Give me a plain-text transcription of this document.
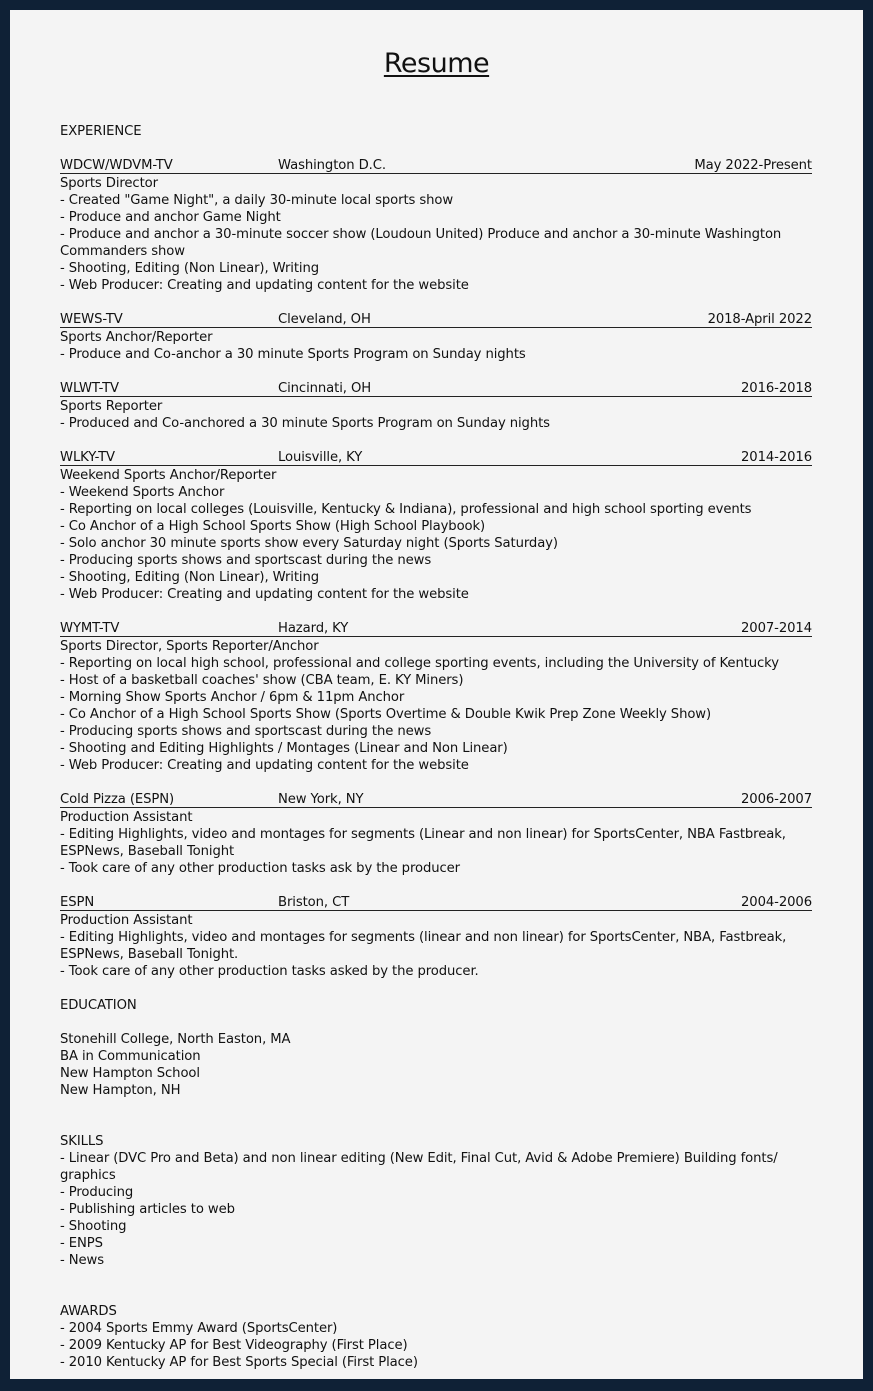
Resume
EXPERIENCE
WDCW/WDVM-TV	Washington D.C.	May 2022-Present
Sports Director
- Created "Game Night", a daily 30-minute local sports show
- Produce and anchor Game Night
- Produce and anchor a 30-minute soccer show (Loudoun United) Produce and anchor a 30-minute Washington Commanders show
- Shooting, Editing (Non Linear), Writing
- Web Producer: Creating and updating content for the website
WEWS-TV	Cleveland, OH	2018-April 2022
Sports Anchor/Reporter
- Produce and Co-anchor a 30 minute Sports Program on Sunday nights
WLWT-TV	Cincinnati, OH	2016-2018
Sports Reporter
- Produced and Co-anchored a 30 minute Sports Program on Sunday nights
WLKY-TV	Louisville, KY	2014-2016
Weekend Sports Anchor/Reporter
- Weekend Sports Anchor
- Reporting on local colleges (Louisville, Kentucky & Indiana), professional and high school sporting events
- Co Anchor of a High School Sports Show (High School Playbook)
- Solo anchor 30 minute sports show every Saturday night (Sports Saturday)
- Producing sports shows and sportscast during the news
- Shooting, Editing (Non Linear), Writing
- Web Producer: Creating and updating content for the website
WYMT-TV	Hazard, KY	2007-2014
Sports Director, Sports Reporter/Anchor
- Reporting on local high school, professional and college sporting events, including the University of Kentucky
- Host of a basketball coaches' show (CBA team, E. KY Miners)
- Morning Show Sports Anchor / 6pm & 11pm Anchor
- Co Anchor of a High School Sports Show (Sports Overtime & Double Kwik Prep Zone Weekly Show)
- Producing sports shows and sportscast during the news
- Shooting and Editing Highlights / Montages (Linear and Non Linear)
- Web Producer: Creating and updating content for the website
Cold Pizza (ESPN)	New York, NY	2006-2007
Production Assistant
- Editing Highlights, video and montages for segments (Linear and non linear) for SportsCenter, NBA Fastbreak, ESPNews, Baseball Tonight
- Took care of any other production tasks ask by the producer
ESPN	Briston, CT	2004-2006
Production Assistant
- Editing Highlights, video and montages for segments (linear and non linear) for SportsCenter, NBA, Fastbreak, ESPNews, Baseball Tonight.
- Took care of any other production tasks asked by the producer.
EDUCATION
Stonehill College, North Easton, MA
BA in Communication
New Hampton School
New Hampton, NH
SKILLS
- Linear (DVC Pro and Beta) and non linear editing (New Edit, Final Cut, Avid & Adobe Premiere) Building fonts/ graphics
- Producing
- Publishing articles to web
- Shooting
- ENPS
- News
AWARDS
- 2004 Sports Emmy Award (SportsCenter)
- 2009 Kentucky AP for Best Videography (First Place)
- 2010 Kentucky AP for Best Sports Special (First Place)
